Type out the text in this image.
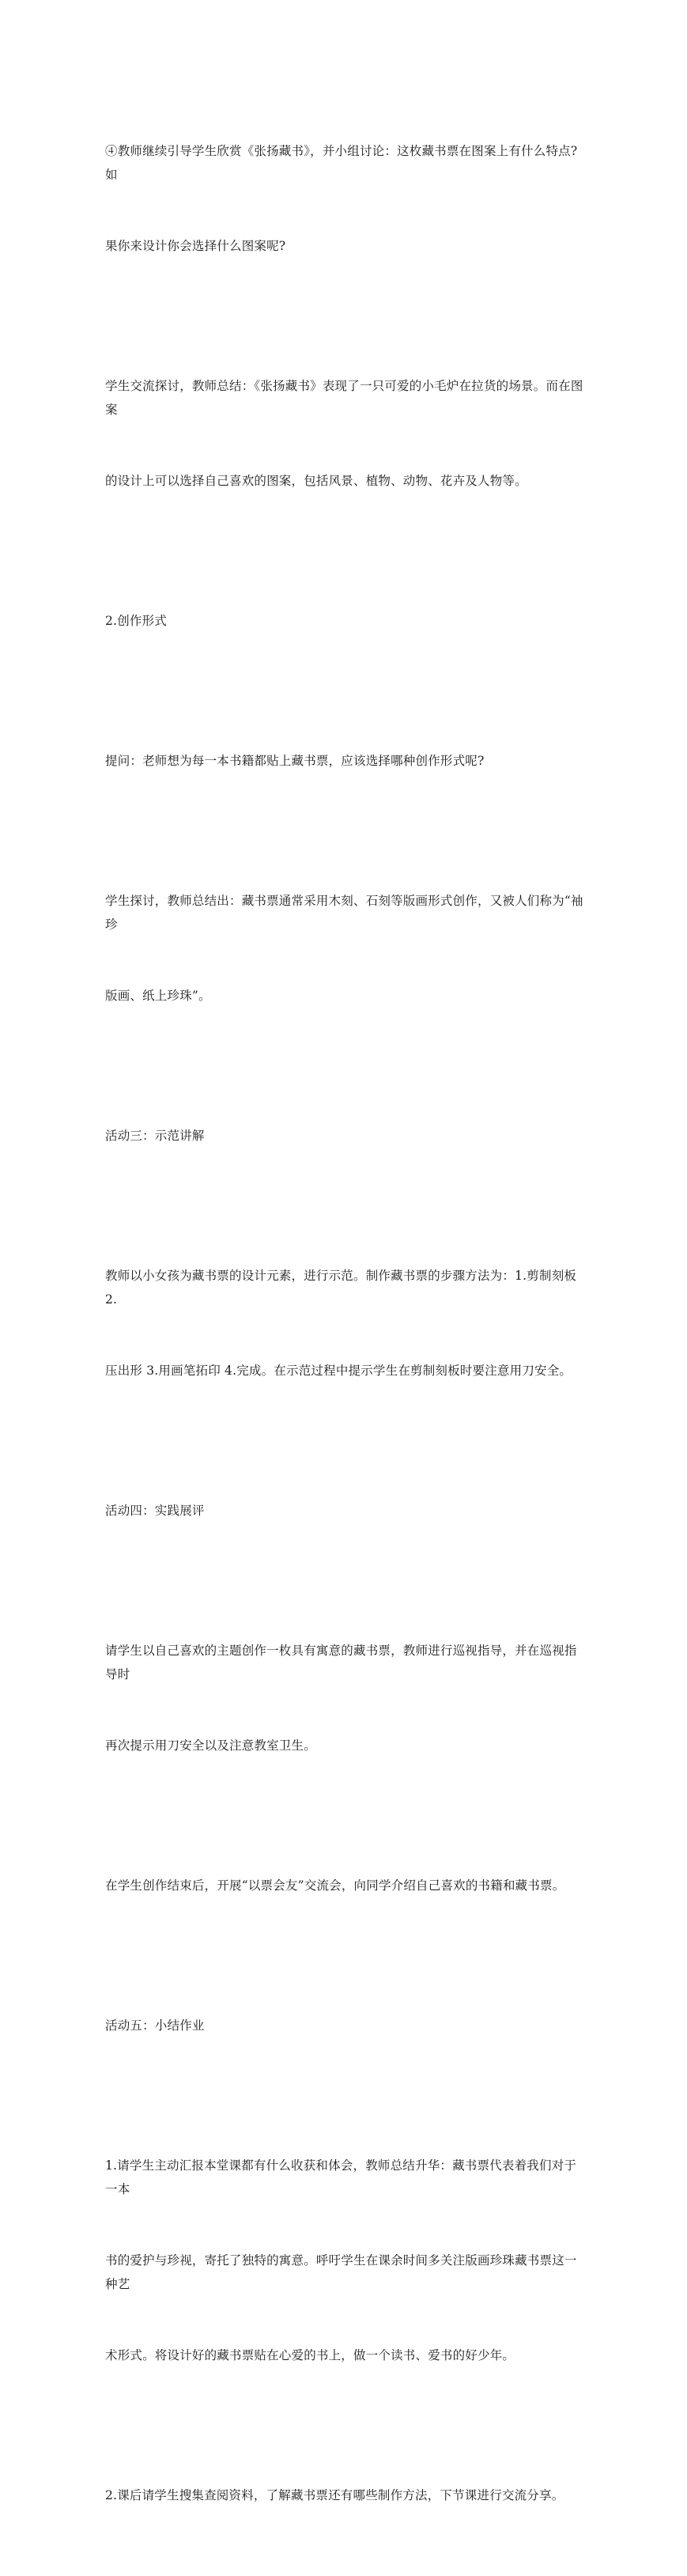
④教师继续引导学生欣赏《张扬藏书》，并小组讨论：这枚藏书票在图案上有什么特点?如

果你来设计你会选择什么图案呢?

学生交流探讨，教师总结：《张扬藏书》表现了一只可爱的小毛炉在拉货的场景。而在图案

的设计上可以选择自己喜欢的图案，包括风景、植物、动物、花卉及人物等。

2.创作形式

提问：老师想为每一本书籍都贴上藏书票，应该选择哪种创作形式呢?

学生探讨，教师总结出：藏书票通常采用木刻、石刻等版画形式创作，又被人们称为“袖珍

版画、纸上珍珠”。

活动三：示范讲解

教师以小女孩为藏书票的设计元素，进行示范。制作藏书票的步骤方法为：1.剪制刻板 2.

压出形 3.用画笔拓印 4.完成。在示范过程中提示学生在剪制刻板时要注意用刀安全。

活动四：实践展评

请学生以自己喜欢的主题创作一枚具有寓意的藏书票，教师进行巡视指导，并在巡视指导时

再次提示用刀安全以及注意教室卫生。

在学生创作结束后，开展“以票会友”交流会，向同学介绍自己喜欢的书籍和藏书票。

活动五：小结作业

1.请学生主动汇报本堂课都有什么收获和体会，教师总结升华：藏书票代表着我们对于一本

书的爱护与珍视，寄托了独特的寓意。呼吁学生在课余时间多关注版画珍珠藏书票这一种艺

术形式。将设计好的藏书票贴在心爱的书上，做一个读书、爱书的好少年。

2.课后请学生搜集查阅资料，了解藏书票还有哪些制作方法，下节课进行交流分享。
